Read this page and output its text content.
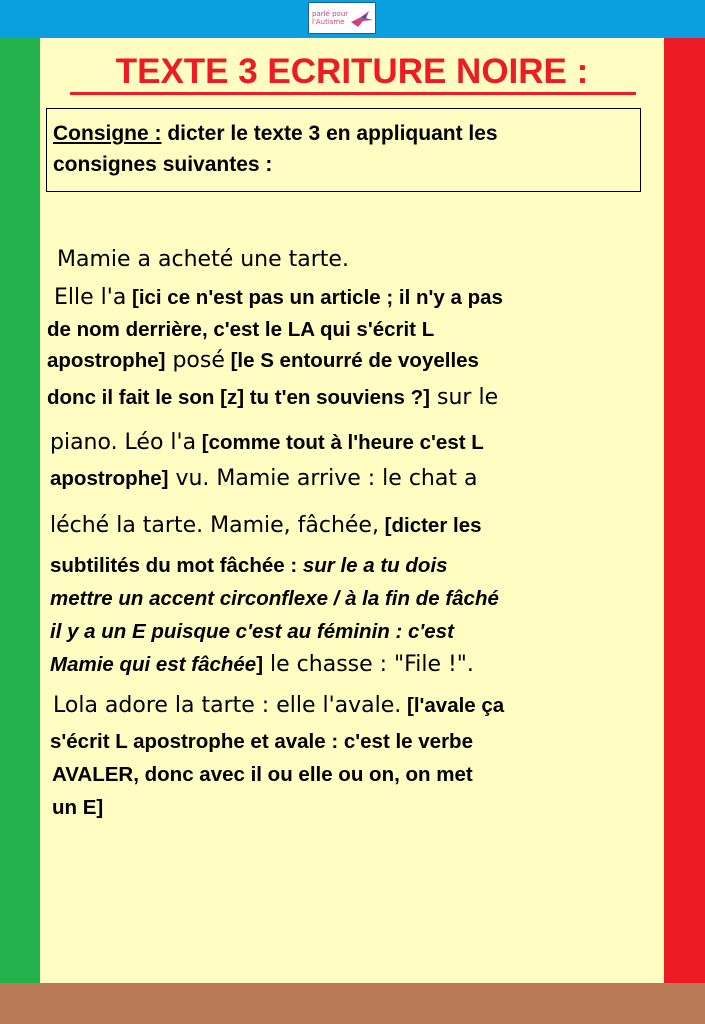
parlé pour
l'Autisme
TEXTE 3 ECRITURE NOIRE :
Consigne : dicter le texte 3 en appliquant les
consignes suivantes :
Mamie a acheté une tarte.
Elle l'a [ici ce n'est pas un article ; il n'y a pas
de nom derrière, c'est le LA qui s'écrit L
apostrophe] posé [le S entourré de voyelles
donc il fait le son [z] tu t'en souviens ?] sur le
piano. Léo l'a [comme tout à l'heure c'est L
apostrophe] vu. Mamie arrive : le chat a
léché la tarte. Mamie, fâchée, [dicter les
subtilités du mot fâchée : sur le a tu dois
mettre un accent circonflexe / à la fin de fâché
il y a un E puisque c'est au féminin : c'est
Mamie qui est fâchée] le chasse : "File !".
Lola adore la tarte : elle l'avale. [l'avale ça
s'écrit L apostrophe et avale : c'est le verbe
AVALER, donc avec il ou elle ou on, on met
un E]
